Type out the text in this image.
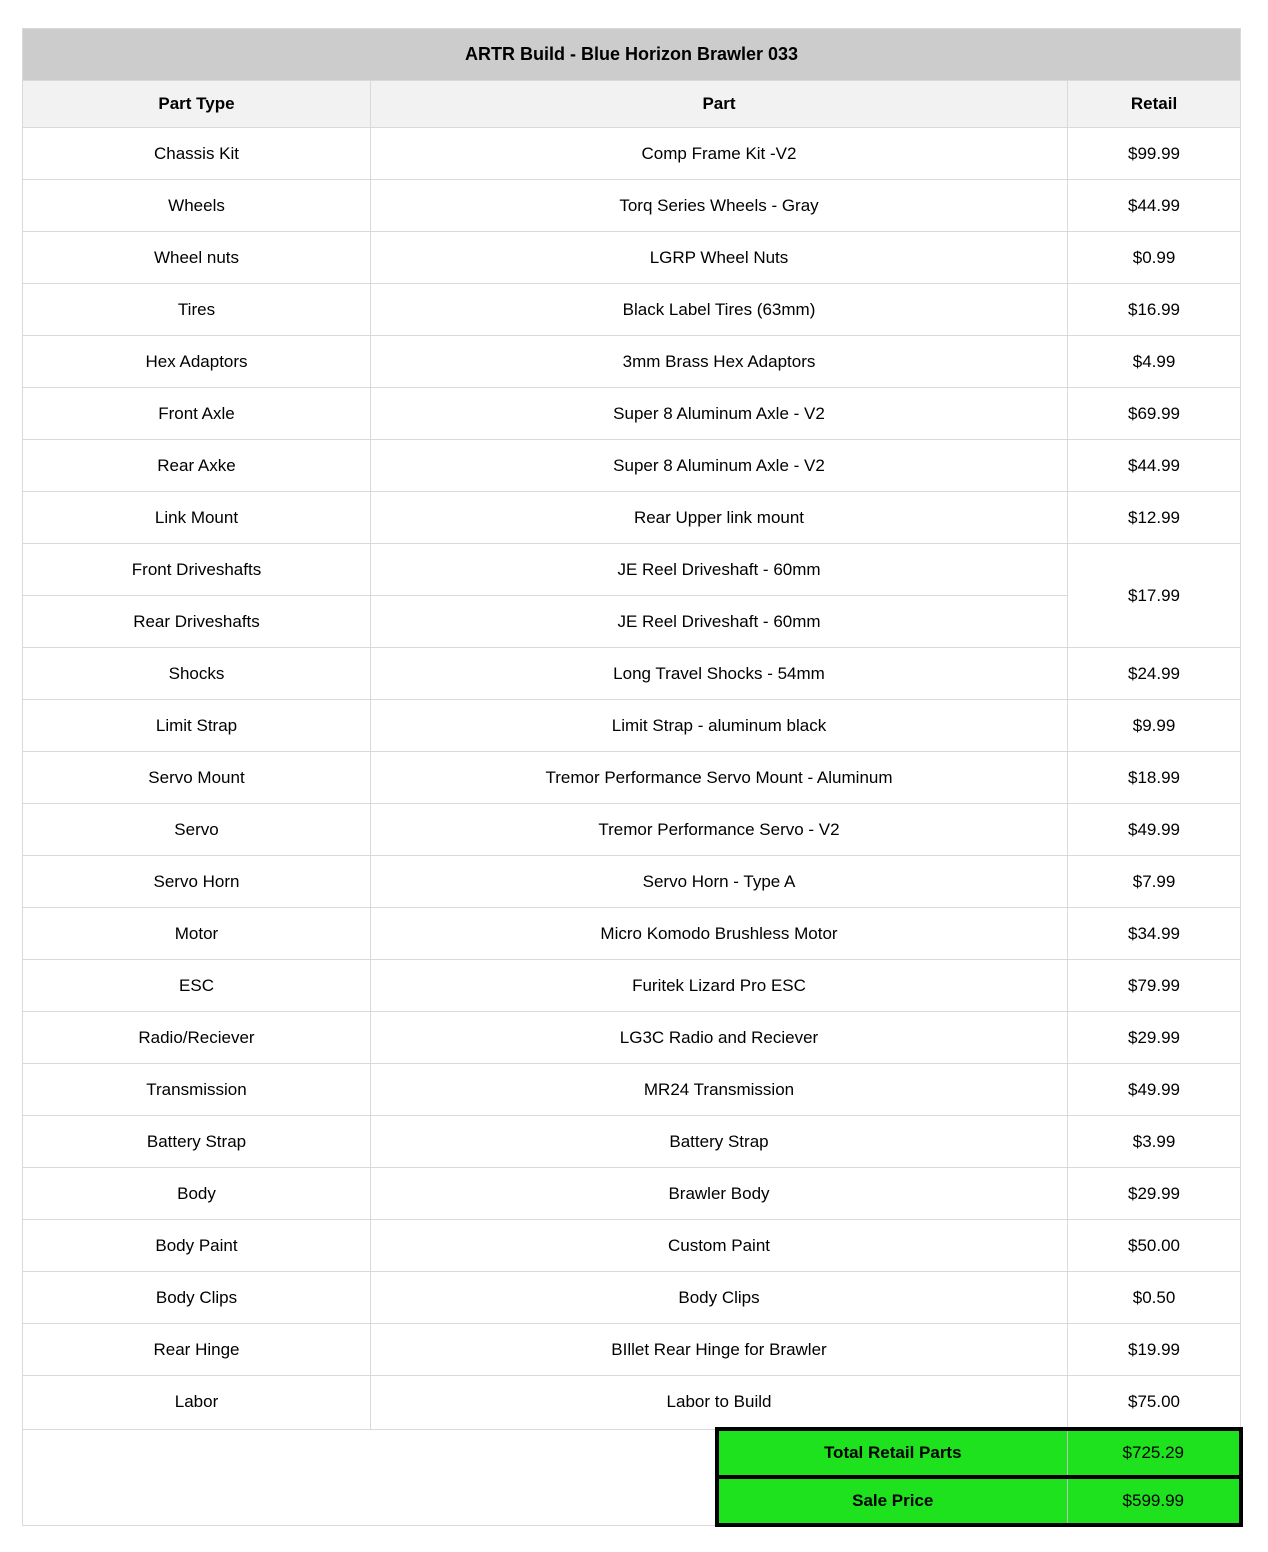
ARTR Build - Blue Horizon Brawler 033			
Part Type	Part		Retail
Chassis Kit	Comp Frame Kit -V2		$99.99
Wheels	Torq Series Wheels - Gray		$44.99
Wheel nuts	LGRP Wheel Nuts		$0.99
Tires	Black Label Tires (63mm)		$16.99
Hex Adaptors	3mm Brass Hex Adaptors		$4.99
Front Axle	Super 8 Aluminum Axle - V2		$69.99
Rear Axke	Super 8 Aluminum Axle - V2		$44.99
Link Mount	Rear Upper link mount		$12.99
Front Driveshafts	JE Reel Driveshaft - 60mm		$17.99
Rear Driveshafts	JE Reel Driveshaft - 60mm		
Shocks	Long Travel Shocks - 54mm		$24.99
Limit Strap	Limit Strap - aluminum black		$9.99
Servo Mount	Tremor Performance Servo Mount - Aluminum		$18.99
Servo	Tremor Performance Servo - V2		$49.99
Servo Horn	Servo Horn - Type A		$7.99
Motor	Micro Komodo Brushless Motor		$34.99
ESC	Furitek Lizard Pro ESC		$79.99
Radio/Reciever	LG3C Radio and Reciever		$29.99
Transmission	MR24 Transmission		$49.99
Battery Strap	Battery Strap		$3.99
Body	Brawler Body		$29.99
Body Paint	Custom Paint		$50.00
Body Clips	Body Clips		$0.50
Rear Hinge	BIllet Rear Hinge for Brawler		$19.99
Labor	Labor to Build		$75.00
		Total Retail Parts	$725.29
		Sale Price	$599.99
